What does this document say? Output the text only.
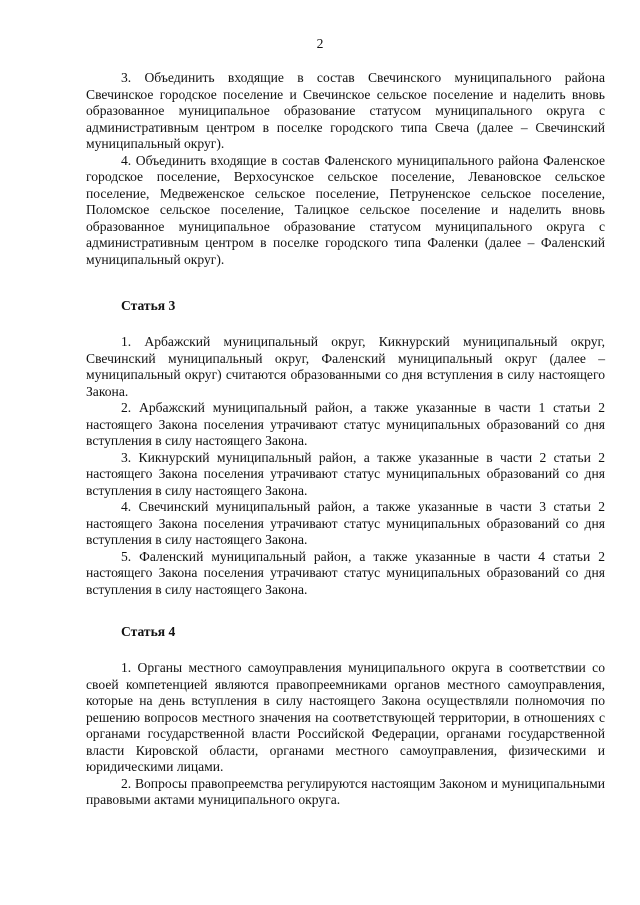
2

3. Объединить входящие в состав Свечинского муниципального района Свечинское городское поселение и Свечинское сельское поселение и наделить вновь образованное муниципальное образование статусом муниципального округа с административным центром в поселке городского типа Свеча (далее – Свечинский муниципальный округ).

4. Объединить входящие в состав Фаленского муниципального района Фаленское городское поселение, Верхосунское сельское поселение, Левановское сельское поселение, Медвеженское сельское поселение, Петруненское сельское поселение, Поломское сельское поселение, Талицкое сельское поселение и наделить вновь образованное муниципальное образование статусом муниципального округа с административным центром в поселке городского типа Фаленки (далее – Фаленский муниципальный округ).

Статья 3

1. Арбажский муниципальный округ, Кикнурский муниципальный округ, Свечинский муниципальный округ, Фаленский муниципальный округ (далее – муниципальный округ) считаются образованными со дня вступления в силу настоящего Закона.

2. Арбажский муниципальный район, а также указанные в части 1 статьи 2 настоящего Закона поселения утрачивают статус муниципальных образований со дня вступления в силу настоящего Закона.

3. Кикнурский муниципальный район, а также указанные в части 2 статьи 2 настоящего Закона поселения утрачивают статус муниципальных образований со дня вступления в силу настоящего Закона.

4. Свечинский муниципальный район, а также указанные в части 3 статьи 2 настоящего Закона поселения утрачивают статус муниципальных образований со дня вступления в силу настоящего Закона.

5. Фаленский муниципальный район, а также указанные в части 4 статьи 2 настоящего Закона поселения утрачивают статус муниципальных образований со дня вступления в силу настоящего Закона.

Статья 4

1. Органы местного самоуправления муниципального округа в соответствии со своей компетенцией являются правопреемниками органов местного самоуправления, которые на день вступления в силу настоящего Закона осуществляли полномочия по решению вопросов местного значения на соответствующей территории, в отношениях с органами государственной власти Российской Федерации, органами государственной власти Кировской области, органами местного самоуправления, физическими и юридическими лицами.

2. Вопросы правопреемства регулируются настоящим Законом и муниципальными правовыми актами муниципального округа.
